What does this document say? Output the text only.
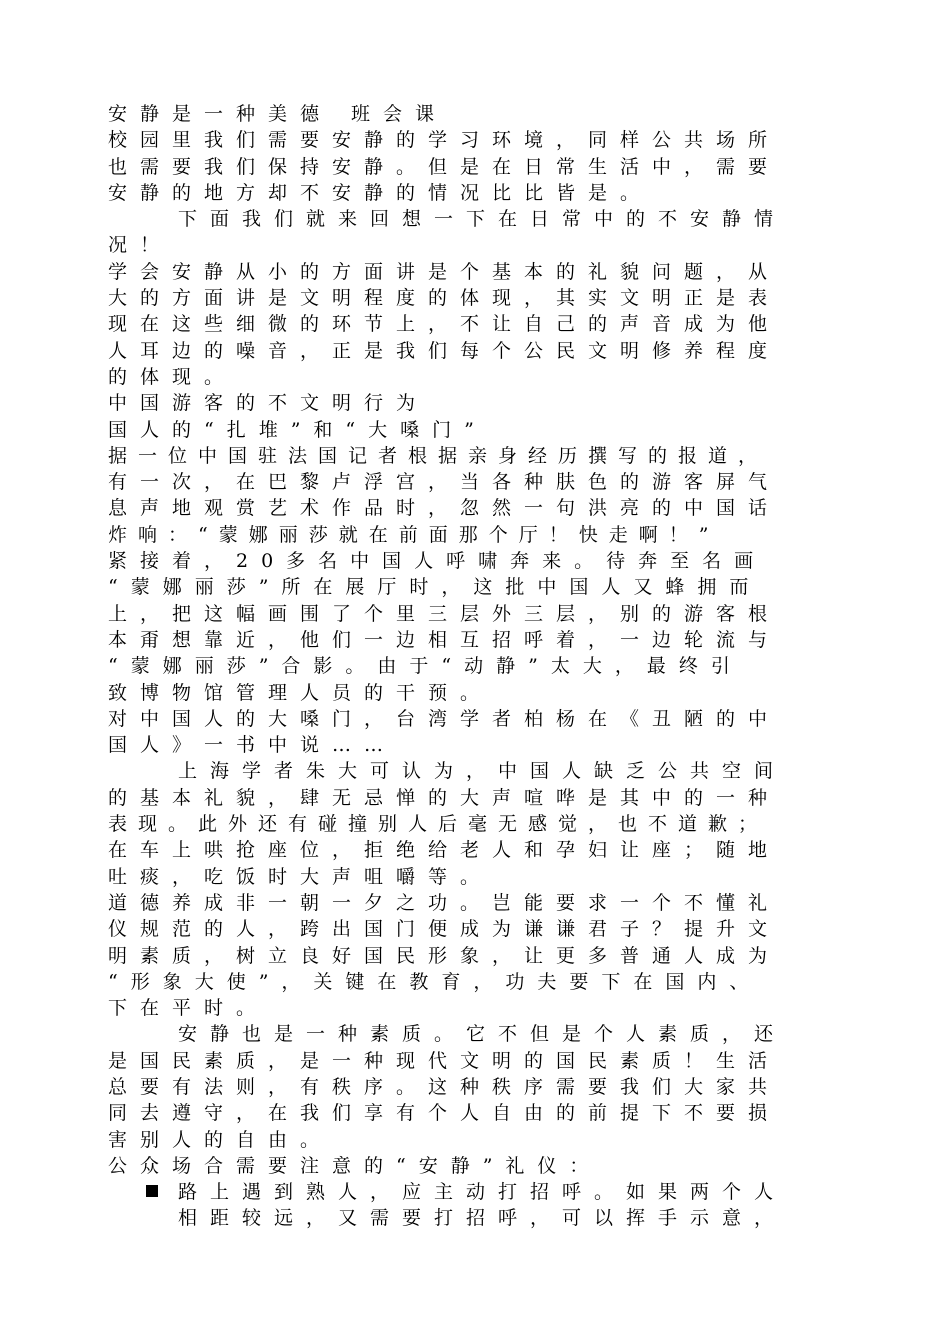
安静是一种美德 班会课
校园里我们需要安静的学习环境，同样公共场所
也需要我们保持安静。但是在日常生活中，需要
安静的地方却不安静的情况比比皆是。
下面我们就来回想一下在日常中的不安静情
况！
学会安静从小的方面讲是个基本的礼貌问题，从
大的方面讲是文明程度的体现，其实文明正是表
现在这些细微的环节上，不让自己的声音成为他
人耳边的噪音，正是我们每个公民文明修养程度
的体现。
中国游客的不文明行为
国人的“扎堆”和“大嗓门”
据一位中国驻法国记者根据亲身经历撰写的报道，
有一次，在巴黎卢浮宫，当各种肤色的游客屏气
息声地观赏艺术作品时，忽然一句洪亮的中国话
炸响：“蒙娜丽莎就在前面那个厅！快走啊！”
紧接着，20多名中国人呼啸奔来。待奔至名画
“蒙娜丽莎”所在展厅时，这批中国人又蜂拥而
上，把这幅画围了个里三层外三层，别的游客根
本甭想靠近，他们一边相互招呼着，一边轮流与
“蒙娜丽莎”合影。由于“动静”太大，最终引
致博物馆管理人员的干预。
对中国人的大嗓门，台湾学者柏杨在《丑陋的中
国人》一书中说……
上海学者朱大可认为，中国人缺乏公共空间
的基本礼貌，肆无忌惮的大声喧哗是其中的一种
表现。此外还有碰撞别人后毫无感觉，也不道歉；
在车上哄抢座位，拒绝给老人和孕妇让座；随地
吐痰，吃饭时大声咀嚼等。
道德养成非一朝一夕之功。岂能要求一个不懂礼
仪规范的人，跨出国门便成为谦谦君子？提升文
明素质，树立良好国民形象，让更多普通人成为
“形象大使”，关键在教育，功夫要下在国内、
下在平时。
安静也是一种素质。它不但是个人素质，还
是国民素质，是一种现代文明的国民素质！生活
总要有法则，有秩序。这种秩序需要我们大家共
同去遵守，在我们享有个人自由的前提下不要损
害别人的自由。
公众场合需要注意的“安静”礼仪：
路上遇到熟人，应主动打招呼。如果两个人
相距较远，又需要打招呼，可以挥手示意，
